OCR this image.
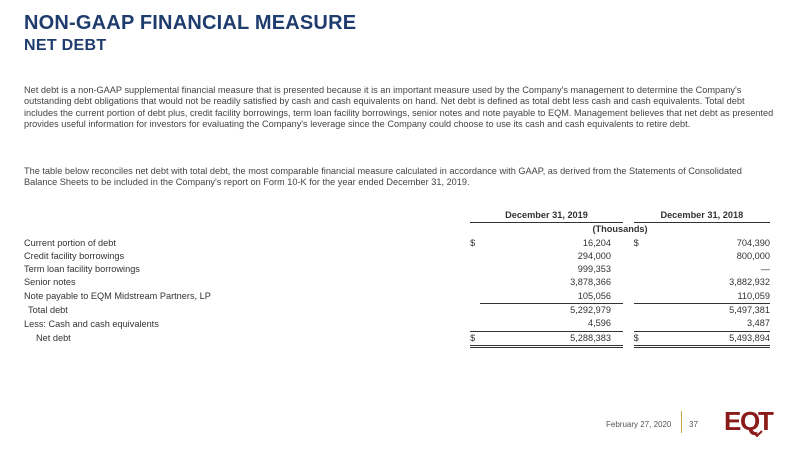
NON-GAAP FINANCIAL MEASURE
NET DEBT

Net debt is a non-GAAP supplemental financial measure that is presented because it is an important measure used by the Company's management to determine the Company's outstanding debt obligations that would not be readily satisfied by cash and cash equivalents on hand. Net debt is defined as total debt less cash and cash equivalents. Total debt includes the current portion of debt plus, credit facility borrowings, term loan facility borrowings, senior notes and note payable to EQM. Management believes that net debt as presented provides useful information for investors for evaluating the Company's leverage since the Company could choose to use its cash and cash equivalents to retire debt.

The table below reconciles net debt with total debt, the most comparable financial measure calculated in accordance with GAAP, as derived from the Statements of Consolidated Balance Sheets to be included in the Company's report on Form 10-K for the year ended December 31, 2019.

	December 31, 2019			December 31, 2018	
	(Thousands)				
Current portion of debt	$	16,204		$	704,390
Credit facility borrowings		294,000			800,000
Term loan facility borrowings		999,353			—
Senior notes		3,878,366			3,882,932
Note payable to EQM Midstream Partners, LP		105,056			110,059
Total debt		5,292,979			5,497,381
Less: Cash and cash equivalents		4,596			3,487
Net debt	$	5,288,383		$	5,493,894
February 27, 2020 37 E Q
T
